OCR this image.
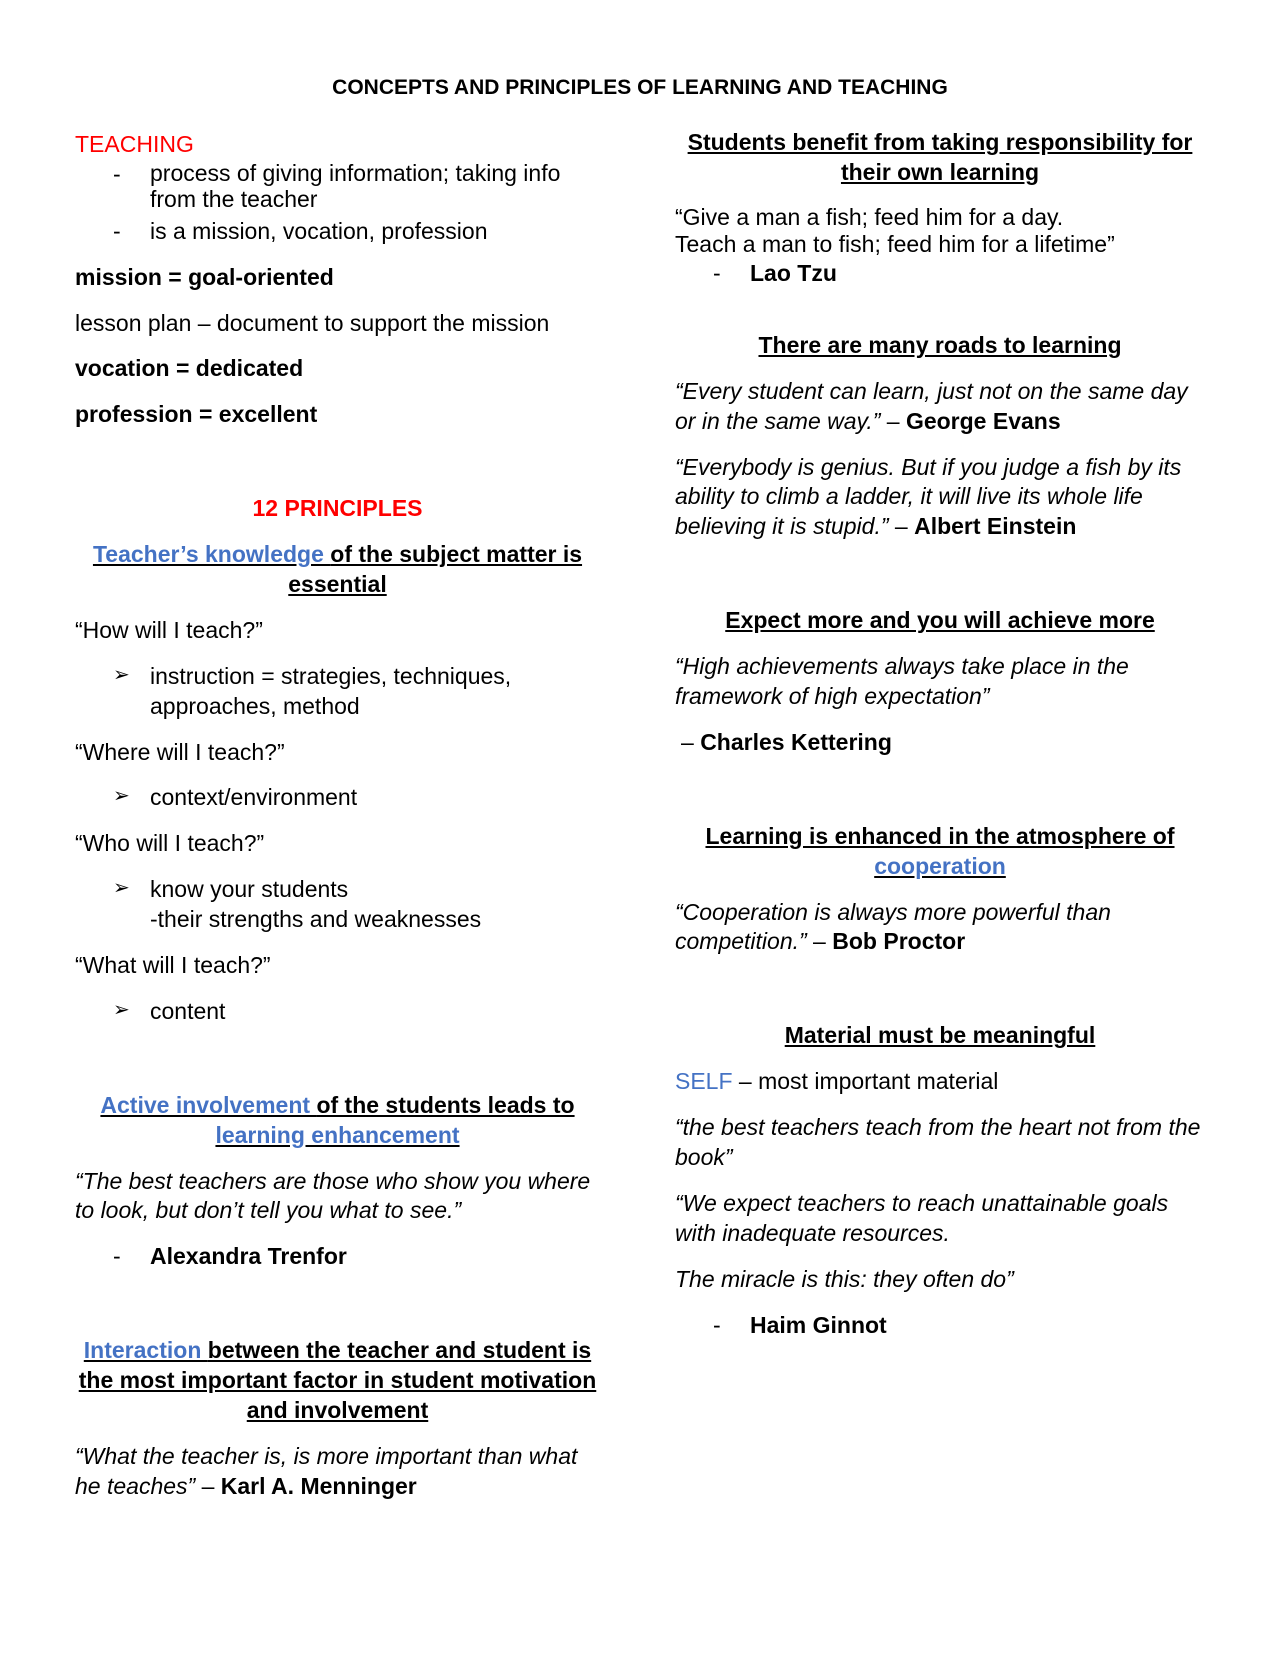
CONCEPTS AND PRINCIPLES OF LEARNING AND TEACHING

TEACHING

-	process of giving information; taking info from the teacher
-	is a mission, vocation, profession

mission = goal-oriented

lesson plan – document to support the mission

vocation = dedicated

profession = excellent

12 PRINCIPLES

Teacher’s knowledge of the subject matter is essential

“How will I teach?”

➢ instruction = strategies, techniques, approaches, method

“Where will I teach?”

➢ context/environment

“Who will I teach?”

➢ know your students
-their strengths and weaknesses

“What will I teach?”

➢ content

Active involvement of the students leads to learning enhancement

“The best teachers are those who show you where to look, but don’t tell you what to see.”

-	Alexandra Trenfor

Interaction between the teacher and student is the most important factor in student motivation and involvement

“What the teacher is, is more important than what he teaches” – Karl A. Menninger

Students benefit from taking responsibility for their own learning

“Give a man a fish; feed him for a day.
Teach a man to fish; feed him for a lifetime”

-	Lao Tzu

There are many roads to learning

“Every student can learn, just not on the same day or in the same way.” – George Evans

“Everybody is genius. But if you judge a fish by its ability to climb a ladder, it will live its whole life believing it is stupid.” – Albert Einstein

Expect more and you will achieve more

“High achievements always take place in the framework of high expectation”

– Charles Kettering

Learning is enhanced in the atmosphere of cooperation

“Cooperation is always more powerful than competition.” – Bob Proctor

Material must be meaningful

SELF – most important material

“the best teachers teach from the heart not from the book”

“We expect teachers to reach unattainable goals with inadequate resources.

The miracle is this: they often do”

-	Haim Ginnot
